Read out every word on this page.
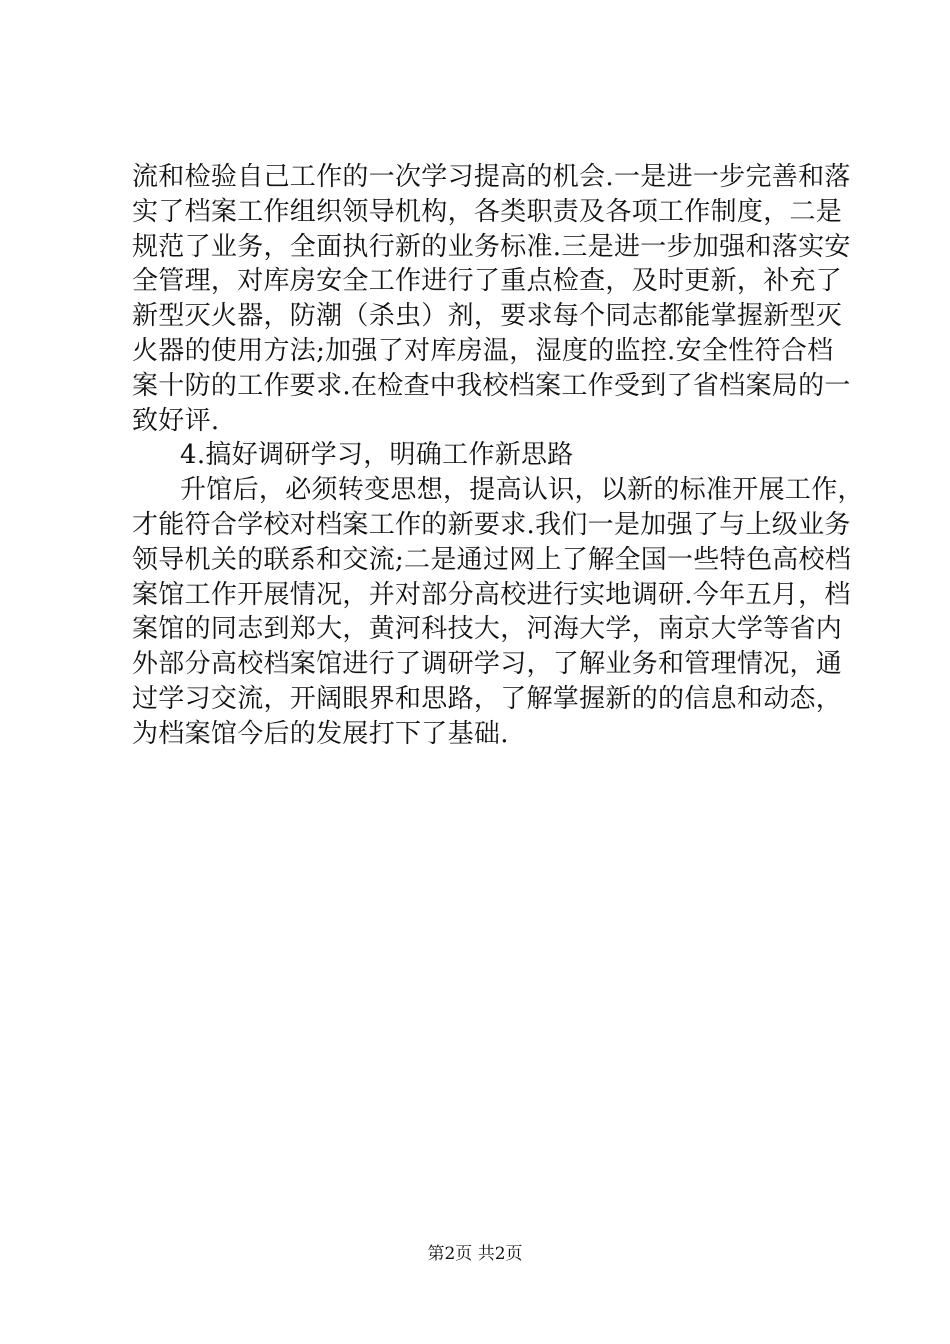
流和检验自己工作的一次学习提高的机会.一是进一步完善和落
实了档案工作组织领导机构，各类职责及各项工作制度，二是
规范了业务，全面执行新的业务标准.三是进一步加强和落实安
全管理，对库房安全工作进行了重点检查，及时更新，补充了
新型灭火器，防潮（杀虫）剂，要求每个同志都能掌握新型灭
火器的使用方法;加强了对库房温，湿度的监控.安全性符合档
案十防的工作要求.在检查中我校档案工作受到了省档案局的一
致好评.
4.搞好调研学习，明确工作新思路
升馆后，必须转变思想，提高认识，以新的标准开展工作，
才能符合学校对档案工作的新要求.我们一是加强了与上级业务
领导机关的联系和交流;二是通过网上了解全国一些特色高校档
案馆工作开展情况，并对部分高校进行实地调研.今年五月，档
案馆的同志到郑大，黄河科技大，河海大学，南京大学等省内
外部分高校档案馆进行了调研学习，了解业务和管理情况，通
过学习交流，开阔眼界和思路，了解掌握新的的信息和动态，
为档案馆今后的发展打下了基础.
第2页 共2页
